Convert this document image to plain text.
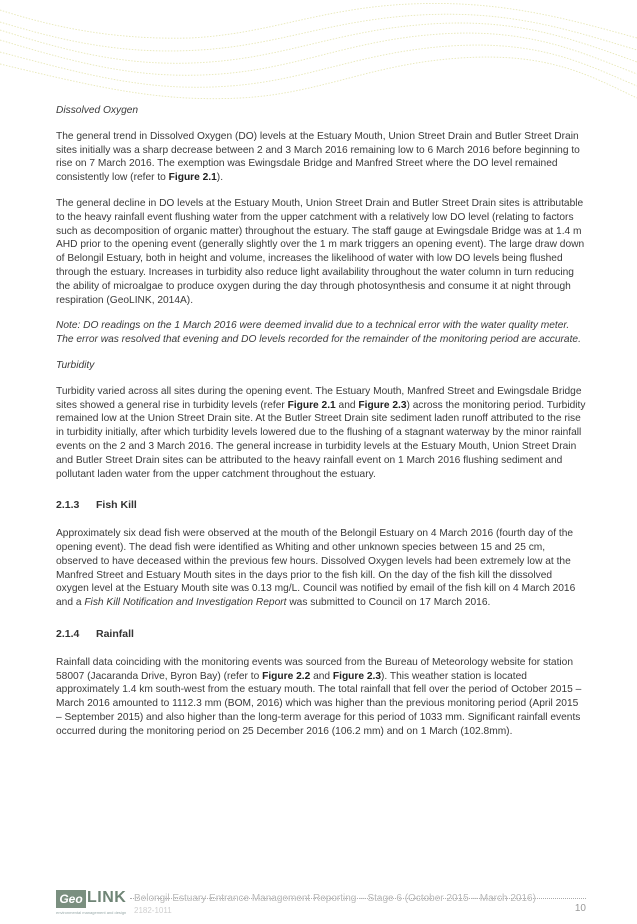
Dissolved Oxygen

The general trend in Dissolved Oxygen (DO) levels at the Estuary Mouth, Union Street Drain and Butler Street Drain sites initially was a sharp decrease between 2 and 3 March 2016 remaining low to 6 March 2016 before beginning to rise on 7 March 2016. The exemption was Ewingsdale Bridge and Manfred Street where the DO level remained consistently low (refer to Figure 2.1).

The general decline in DO levels at the Estuary Mouth, Union Street Drain and Butler Street Drain sites is attributable to the heavy rainfall event flushing water from the upper catchment with a relatively low DO level (relating to factors such as decomposition of organic matter) throughout the estuary. The staff gauge at Ewingsdale Bridge was at 1.4 m AHD prior to the opening event (generally slightly over the 1 m mark triggers an opening event). The large draw down of Belongil Estuary, both in height and volume, increases the likelihood of water with low DO levels being flushed through the estuary. Increases in turbidity also reduce light availability throughout the water column in turn reducing the ability of microalgae to produce oxygen during the day through photosynthesis and consume it at night through respiration (GeoLINK, 2014A).

Note: DO readings on the 1 March 2016 were deemed invalid due to a technical error with the water quality meter. The error was resolved that evening and DO levels recorded for the remainder of the monitoring period are accurate.

Turbidity

Turbidity varied across all sites during the opening event. The Estuary Mouth, Manfred Street and Ewingsdale Bridge sites showed a general rise in turbidity levels (refer Figure 2.1 and Figure 2.3) across the monitoring period. Turbidity remained low at the Union Street Drain site. At the Butler Street Drain site sediment laden runoff attributed to the rise in turbidity initially, after which turbidity levels lowered due to the flushing of a stagnant waterway by the minor rainfall events on the 2 and 3 March 2016. The general increase in turbidity levels at the Estuary Mouth, Union Street Drain and Butler Street Drain sites can be attributed to the heavy rainfall event on 1 March 2016 flushing sediment and pollutant laden water from the upper catchment throughout the estuary.

2.1.3 Fish Kill

Approximately six dead fish were observed at the mouth of the Belongil Estuary on 4 March 2016 (fourth day of the opening event). The dead fish were identified as Whiting and other unknown species between 15 and 25 cm, observed to have deceased within the previous few hours. Dissolved Oxygen levels had been extremely low at the Manfred Street and Estuary Mouth sites in the days prior to the fish kill. On the day of the fish kill the dissolved oxygen level at the Estuary Mouth site was 0.13 mg/L. Council was notified by email of the fish kill on 4 March 2016 and a Fish Kill Notification and Investigation Report was submitted to Council on 17 March 2016.

2.1.4 Rainfall

Rainfall data coinciding with the monitoring events was sourced from the Bureau of Meteorology website for station 58007 (Jacaranda Drive, Byron Bay) (refer to Figure 2.2 and Figure 2.3). This weather station is located approximately 1.4 km south-west from the estuary mouth. The total rainfall that fell over the period of October 2015 – March 2016 amounted to 1112.3 mm (BOM, 2016) which was higher than the previous monitoring period (April 2015 – September 2015) and also higher than the long-term average for this period of 1033 mm. Significant rainfall events occurred during the monitoring period on 25 December 2016 (106.2 mm) and on 1 March (102.8mm).

Geo LINK
environmental management and design
Belongil Estuary Entrance Management Reporting – Stage 6 (October 2015 – March 2016)
2182-1011	10
